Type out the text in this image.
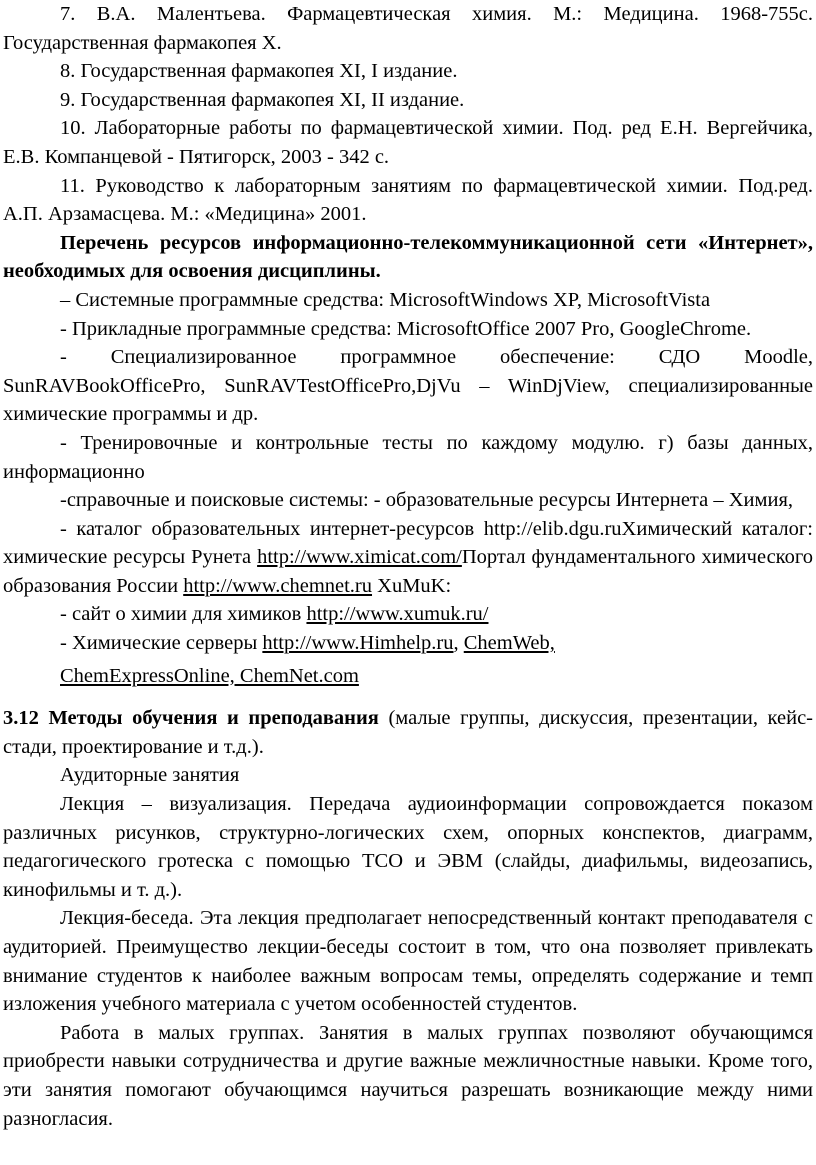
7. В.А. Малентьева. Фармацевтическая химия. М.: Медицина. 1968-755с.

Государственная фармакопея X.

8. Государственная фармакопея XI, I издание.

9. Государственная фармакопея XI, II издание.

10. Лабораторные работы по фармацевтической химии. Под. ред Е.Н. Вергейчика, Е.В. Компанцевой - Пятигорск, 2003 - 342 с.

11. Руководство к лабораторным занятиям по фармацевтической химии. Под.ред. А.П. Арзамасцева. М.: «Медицина» 2001.

Перечень ресурсов информационно-телекоммуникационной сети «Интернет», необходимых для освоения дисциплины.

– Системные программные средства: MicrosoftWindows XP, MicrosoftVista

- Прикладные программные средства: MicrosoftOffice 2007 Pro, GoogleChrome.

- Специализированное программное обеспечение: СДО Moodle, SunRAVBookOfficePro, SunRAVTestOfficePro,DjVu – WinDjView, специализированные химические программы и др.

- Тренировочные и контрольные тесты по каждому модулю. г) базы данных, информационно

-справочные и поисковые системы: - образовательные ресурсы Интернета – Химия,

- каталог образовательных интернет-ресурсов http://elib.dgu.ruХимический каталог: химические ресурсы Рунета http://www.ximicat.com/Портал фундаментального химического образования России http://www.chemnet.ru XuMuK:

- сайт о химии для химиков http://www.xumuk.ru/

- Химические серверы http://www.Himhelp.ru, ChemWeb,

ChemExpressOnline, ChemNet.com

3.12 Методы обучения и преподавания (малые группы, дискуссия, презентации, кейс-стади, проектирование и т.д.).

Аудиторные занятия

Лекция – визуализация. Передача аудиоинформации сопровождается показом различных рисунков, структурно-логических схем, опорных конспектов, диаграмм, педагогического гротеска с помощью ТСО и ЭВМ (слайды, диафильмы, видеозапись, кинофильмы и т. д.).

Лекция-беседа. Эта лекция предполагает непосредственный контакт преподавателя с аудиторией. Преимущество лекции-беседы состоит в том, что она позволяет привлекать внимание студентов к наиболее важным вопросам темы, определять содержание и темп изложения учебного материала с учетом особенностей студентов.

Работа в малых группах. Занятия в малых группах позволяют обучающимся приобрести навыки сотрудничества и другие важные межличностные навыки. Кроме того, эти занятия помогают обучающимся научиться разрешать возникающие между ними разногласия.
